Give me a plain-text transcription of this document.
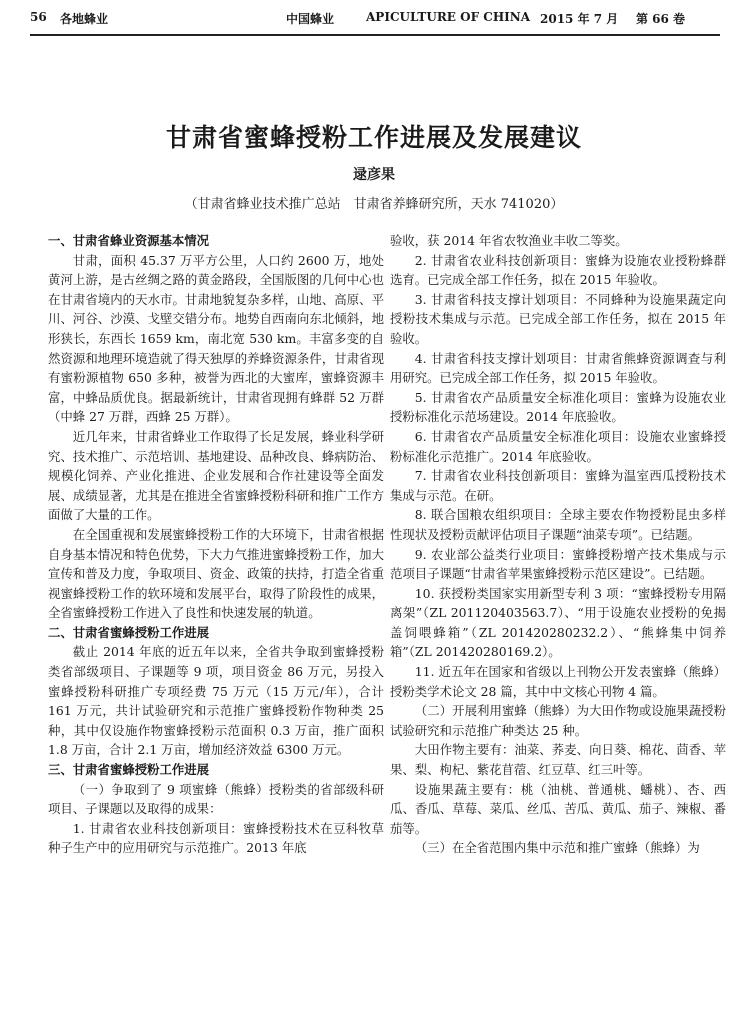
56 各地蜂业	中国蜂业	APICULTURE OF CHINA 2015 年 7 月 第 66 卷
甘肃省蜜蜂授粉工作进展及发展建议
逯彦果
（甘肃省蜂业技术推广总站　甘肃省养蜂研究所，天水 741020）
一、甘肃省蜂业资源基本情况

甘肃，面积 45.37 万平方公里，人口约 2600 万，地处黄河上游，是古丝绸之路的黄金路段，全国版图的几何中心也在甘肃省境内的天水市。甘肃地貌复杂多样，山地、高原、平川、河谷、沙漠、戈壁交错分布。地势自西南向东北倾斜，地形狭长，东西长 1659 km，南北宽 530 km。丰富多变的自然资源和地理环境造就了得天独厚的养蜂资源条件，甘肃省现有蜜粉源植物 650 多种，被誉为西北的大蜜库，蜜蜂资源丰富，中蜂品质优良。据最新统计，甘肃省现拥有蜂群 52 万群（中蜂 27 万群，西蜂 25 万群）。

近几年来，甘肃省蜂业工作取得了长足发展，蜂业科学研究、技术推广、示范培训、基地建设、品种改良、蜂病防治、规模化饲养、产业化推进、企业发展和合作社建设等全面发展、成绩显著，尤其是在推进全省蜜蜂授粉科研和推广工作方面做了大量的工作。

在全国重视和发展蜜蜂授粉工作的大环境下，甘肃省根据自身基本情况和特色优势，下大力气推进蜜蜂授粉工作，加大宣传和普及力度，争取项目、资金、政策的扶持，打造全省重视蜜蜂授粉工作的软环境和发展平台，取得了阶段性的成果，全省蜜蜂授粉工作进入了良性和快速发展的轨道。

二、甘肃省蜜蜂授粉工作进展

截止 2014 年底的近五年以来，全省共争取到蜜蜂授粉类省部级项目、子课题等 9 项，项目资金 86 万元，另投入蜜蜂授粉科研推广专项经费 75 万元（15 万元/年），合计 161 万元，共计试验研究和示范推广蜜蜂授粉作物种类 25 种，其中仅设施作物蜜蜂授粉示范面积 0.3 万亩，推广面积 1.8 万亩，合计 2.1 万亩，增加经济效益 6300 万元。

三、甘肃省蜜蜂授粉工作进展

（一）争取到了 9 项蜜蜂（熊蜂）授粉类的省部级科研项目、子课题以及取得的成果：

1. 甘肃省农业科技创新项目：蜜蜂授粉技术在豆科牧草种子生产中的应用研究与示范推广。2013 年底

验收，获 2014 年省农牧渔业丰收二等奖。

2. 甘肃省农业科技创新项目：蜜蜂为设施农业授粉蜂群选育。已完成全部工作任务，拟在 2015 年验收。

3. 甘肃省科技支撑计划项目：不同蜂种为设施果蔬定向授粉技术集成与示范。已完成全部工作任务，拟在 2015 年验收。

4. 甘肃省科技支撑计划项目：甘肃省熊蜂资源调查与利用研究。已完成全部工作任务，拟 2015 年验收。

5. 甘肃省农产品质量安全标准化项目：蜜蜂为设施农业授粉标准化示范场建设。2014 年底验收。

6. 甘肃省农产品质量安全标准化项目：设施农业蜜蜂授粉标准化示范推广。2014 年底验收。

7. 甘肃省农业科技创新项目：蜜蜂为温室西瓜授粉技术集成与示范。在研。

8. 联合国粮农组织项目：全球主要农作物授粉昆虫多样性现状及授粉贡献评估项目子课题“油菜专项”。已结题。

9. 农业部公益类行业项目：蜜蜂授粉增产技术集成与示范项目子课题“甘肃省苹果蜜蜂授粉示范区建设”。已结题。

10. 获授粉类国家实用新型专利 3 项：“蜜蜂授粉专用隔离架”（ZL 201120403563.7）、“用于设施农业授粉的免揭盖饲喂蜂箱”（ZL 201420280232.2）、“熊蜂集中饲养箱”（ZL 201420280169.2）。

11. 近五年在国家和省级以上刊物公开发表蜜蜂（熊蜂）授粉类学术论文 28 篇，其中中文核心刊物 4 篇。

（二）开展利用蜜蜂（熊蜂）为大田作物或设施果蔬授粉试验研究和示范推广种类达 25 种。

大田作物主要有：油菜、荞麦、向日葵、棉花、茴香、苹果、梨、枸杞、紫花苜蓿、红豆草、红三叶等。

设施果蔬主要有：桃（油桃、普通桃、蟠桃）、杏、西瓜、香瓜、草莓、菜瓜、丝瓜、苦瓜、黄瓜、茄子、辣椒、番茄等。

（三）在全省范围内集中示范和推广蜜蜂（熊蜂）为
